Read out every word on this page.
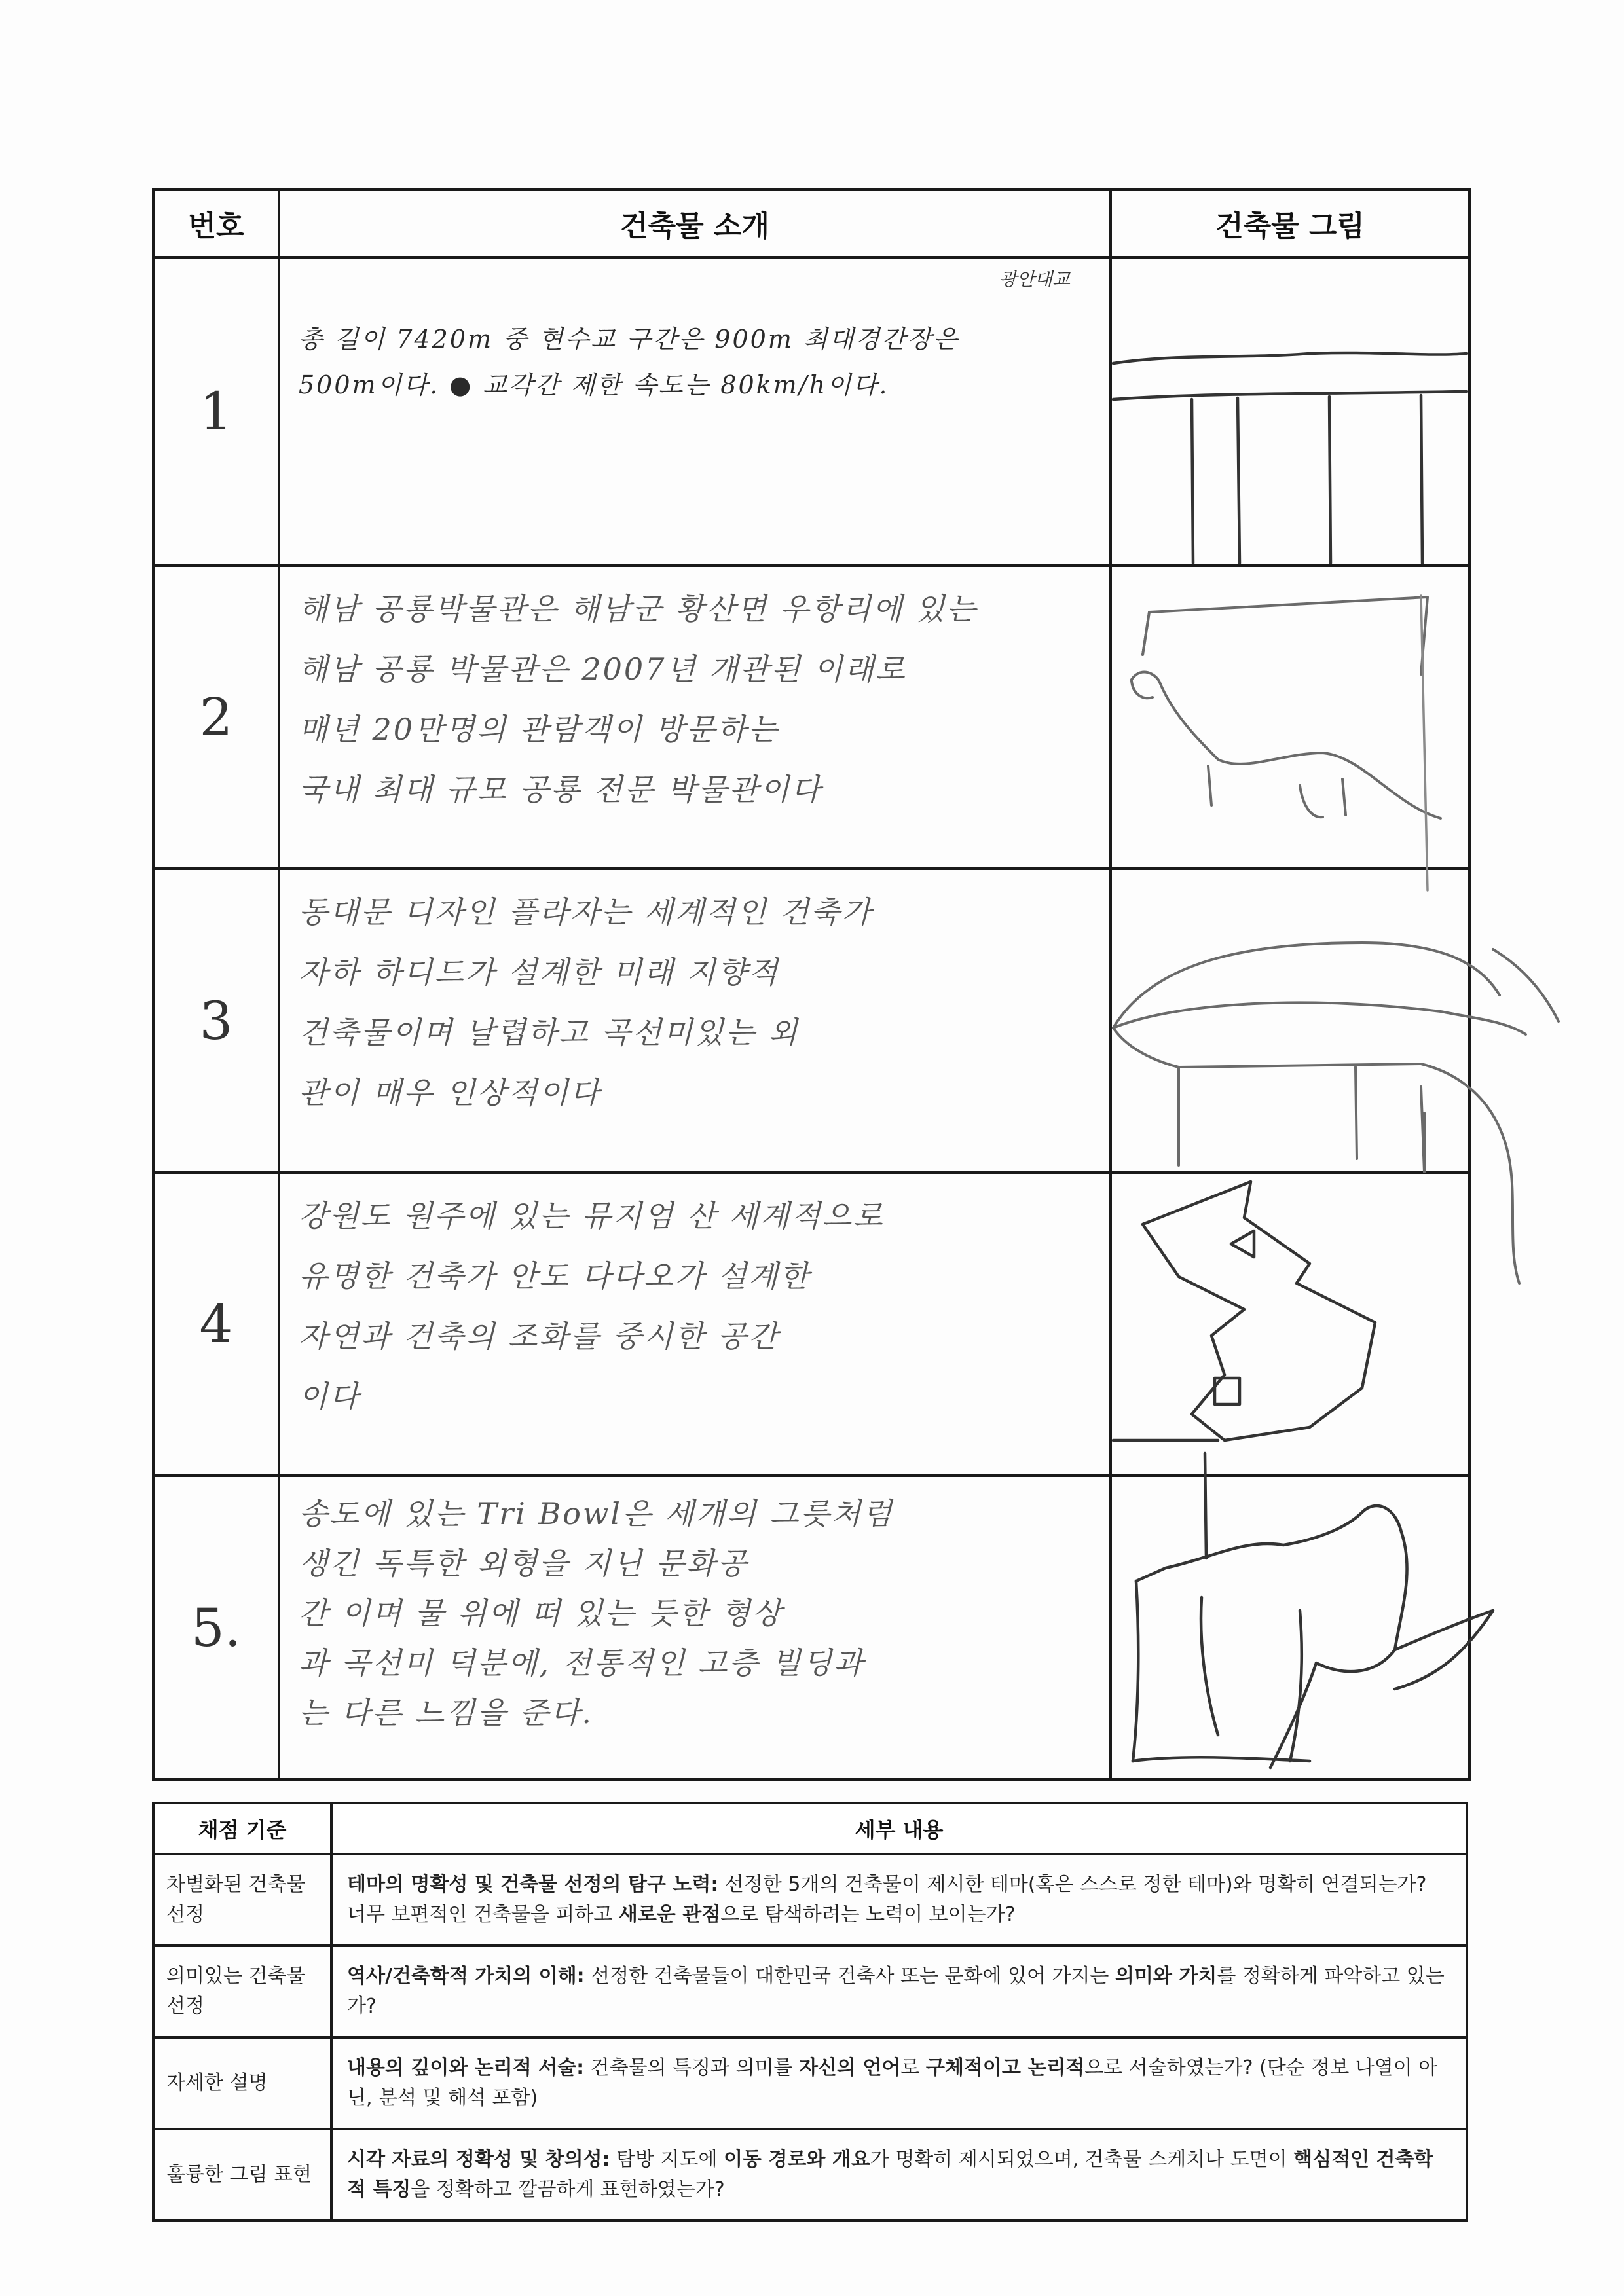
번호	건축물 소개	건축물 그림
1	광안대교
총 길이 7420m 중 현수교 구간은 900m 최대경간장은
500m이다. ● 교각간 제한 속도는 80km/h이다.	

2	해남 공룡박물관은 해남군 황산면 우항리에 있는
해남 공룡 박물관은 2007년 개관된 이래로
매년 20만명의 관람객이 방문하는
국내 최대 규모 공룡 전문 박물관이다	

3	동대문 디자인 플라자는 세계적인 건축가
자하 하디드가 설계한 미래 지향적
건축물이며 날렵하고 곡선미있는 외
관이 매우 인상적이다	

4	강원도 원주에 있는 뮤지엄 산 세계적으로
유명한 건축가 안도 다다오가 설계한
자연과 건축의 조화를 중시한 공간
이다	

5.	송도에 있는 Tri Bowl은 세개의 그릇처럼
생긴 독특한 외형을 지닌 문화공
간 이며 물 위에 떠 있는 듯한 형상
과 곡선미 덕분에, 전통적인 고층 빌딩과
는 다른 느낌을 준다.	

채점 기준	세부 내용
차별화된 건축물 선정	테마의 명확성 및 건축물 선정의 탐구 노력: 선정한 5개의 건축물이 제시한 테마(혹은 스스로 정한 테마)와 명확히 연결되는가? 너무 보편적인 건축물을 피하고 새로운 관점으로 탐색하려는 노력이 보이는가?
의미있는 건축물 선정	역사/건축학적 가치의 이해: 선정한 건축물들이 대한민국 건축사 또는 문화에 있어 가지는 의미와 가치를 정확하게 파악하고 있는가?
자세한 설명	내용의 깊이와 논리적 서술: 건축물의 특징과 의미를 자신의 언어로 구체적이고 논리적으로 서술하였는가? (단순 정보 나열이 아닌, 분석 및 해석 포함)
훌륭한 그림 표현	시각 자료의 정확성 및 창의성: 탐방 지도에 이동 경로와 개요가 명확히 제시되었으며, 건축물 스케치나 도면이 핵심적인 건축학적 특징을 정확하고 깔끔하게 표현하였는가?
